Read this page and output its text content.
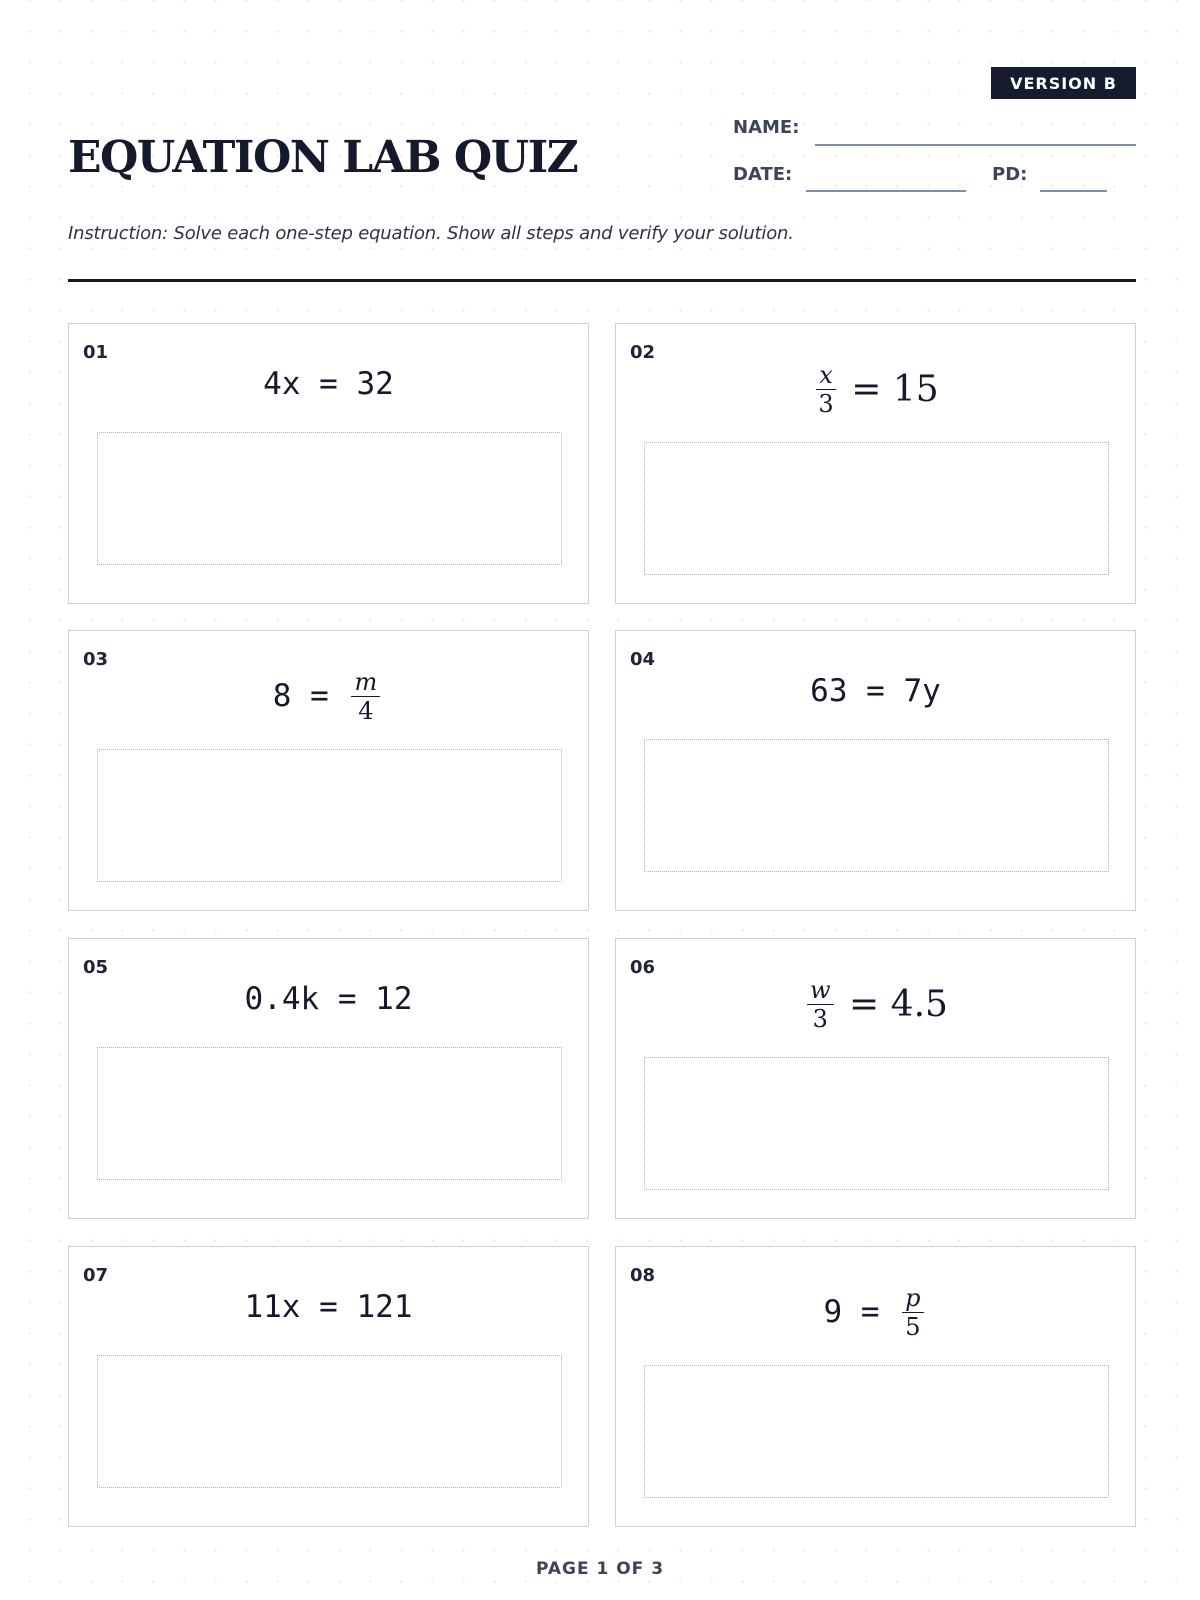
VERSION B
EQUATION LAB QUIZ
NAME:
DATE:	PD:

Instruction: Solve each one-step equation. Show all steps and verify your solution.

01
4x
=
32
02
$\frac{x}{3}$
=
15
03
8
=
$\frac{m}{4}$
04
63
=
7y
05
0.4k
=
12
06
$\frac{w}{3}$
=
4.5
07
11x
=
121
08
9
=
$\frac{p}{5}$
PAGE 1 OF 3
